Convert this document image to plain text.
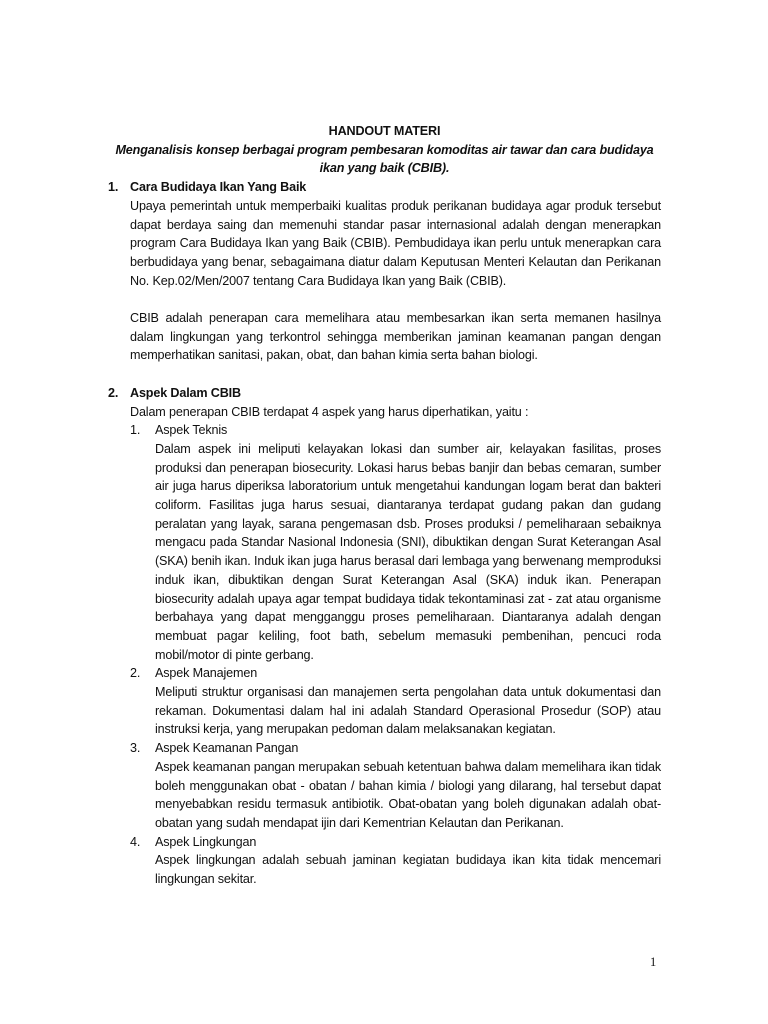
HANDOUT MATERI

Menganalisis konsep berbagai program pembesaran komoditas air tawar dan cara budidaya ikan yang baik (CBIB).

1. Cara Budidaya Ikan Yang Baik

Upaya pemerintah untuk memperbaiki kualitas produk perikanan budidaya agar produk tersebut dapat berdaya saing dan memenuhi standar pasar internasional adalah dengan menerapkan program Cara Budidaya Ikan yang Baik (CBIB). Pembudidaya ikan perlu untuk menerapkan cara berbudidaya yang benar, sebagaimana diatur dalam Keputusan Menteri Kelautan dan Perikanan No. Kep.02/Men/2007 tentang Cara Budidaya Ikan yang Baik (CBIB).

CBIB adalah penerapan cara memelihara atau membesarkan ikan serta memanen hasilnya dalam lingkungan yang terkontrol sehingga memberikan jaminan keamanan pangan dengan memperhatikan sanitasi, pakan, obat, dan bahan kimia serta bahan biologi.

2. Aspek Dalam CBIB

Dalam penerapan CBIB terdapat 4 aspek yang harus diperhatikan, yaitu :

1.	Aspek Teknis

Dalam aspek ini meliputi kelayakan lokasi dan sumber air, kelayakan fasilitas, proses produksi dan penerapan biosecurity. Lokasi harus bebas banjir dan bebas cemaran, sumber air juga harus diperiksa laboratorium untuk mengetahui kandungan logam berat dan bakteri coliform. Fasilitas juga harus sesuai, diantaranya terdapat gudang pakan dan gudang peralatan yang layak, sarana pengemasan dsb. Proses produksi / pemeliharaan sebaiknya mengacu pada Standar Nasional Indonesia (SNI), dibuktikan dengan Surat Keterangan Asal (SKA) benih ikan. Induk ikan juga harus berasal dari lembaga yang berwenang memproduksi induk ikan, dibuktikan dengan Surat Keterangan Asal (SKA) induk ikan. Penerapan biosecurity adalah upaya agar tempat budidaya tidak tekontaminasi zat - zat atau organisme berbahaya yang dapat mengganggu proses pemeliharaan. Diantaranya adalah dengan membuat pagar keliling, foot bath, sebelum memasuki pembenihan, pencuci roda mobil/motor di pinte gerbang.

2.	Aspek Manajemen

Meliputi struktur organisasi dan manajemen serta pengolahan data untuk dokumentasi dan rekaman. Dokumentasi dalam hal ini adalah Standard Operasional Prosedur (SOP) atau instruksi kerja, yang merupakan pedoman dalam melaksanakan kegiatan.

3.	Aspek Keamanan Pangan

Aspek keamanan pangan merupakan sebuah ketentuan bahwa dalam memelihara ikan tidak boleh menggunakan obat - obatan / bahan kimia / biologi yang dilarang, hal tersebut dapat menyebabkan residu termasuk antibiotik. Obat-obatan yang boleh digunakan adalah obat-obatan yang sudah mendapat ijin dari Kementrian Kelautan dan Perikanan.

4.	Aspek Lingkungan

Aspek lingkungan adalah sebuah jaminan kegiatan budidaya ikan kita tidak mencemari lingkungan sekitar.

1
